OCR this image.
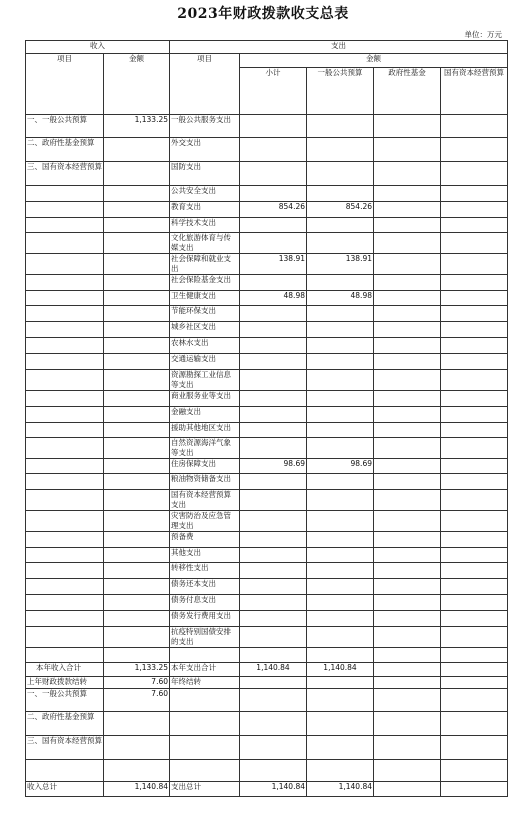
2023年财政拨款收支总表
单位：万元
收入		支出				
项目	金额	项目	金额			
			小计	一般公共预算	政府性基金	国有资本经营预算
一、一般公共预算	1,133.25	一般公共服务支出				
二、政府性基金预算		外交支出				
三、国有资本经营预算		国防支出				
		公共安全支出				
		教育支出	854.26	854.26		
		科学技术支出				
		文化旅游体育与传媒支出				
		社会保障和就业支出	138.91	138.91		
		社会保险基金支出				
		卫生健康支出	48.98	48.98		
		节能环保支出				
		城乡社区支出				
		农林水支出				
		交通运输支出				
		资源勘探工业信息等支出				
		商业服务业等支出				
		金融支出				
		援助其他地区支出				
		自然资源海洋气象等支出				
		住房保障支出	98.69	98.69		
		粮油物资储备支出				
		国有资本经营预算支出				
		灾害防治及应急管理支出				
		预备费				
		其他支出				
		转移性支出				
		债务还本支出				
		债务付息支出				
		债务发行费用支出				
		抗疫特别国债安排的支出				

本年收入合计	1,133.25	本年支出合计	1,140.84	1,140.84		
上年财政拨款结转	7.60	年终结转				
一、一般公共预算	7.60					
二、政府性基金预算						
三、国有资本经营预算						

收入总计	1,140.84	支出总计	1,140.84	1,140.84		
